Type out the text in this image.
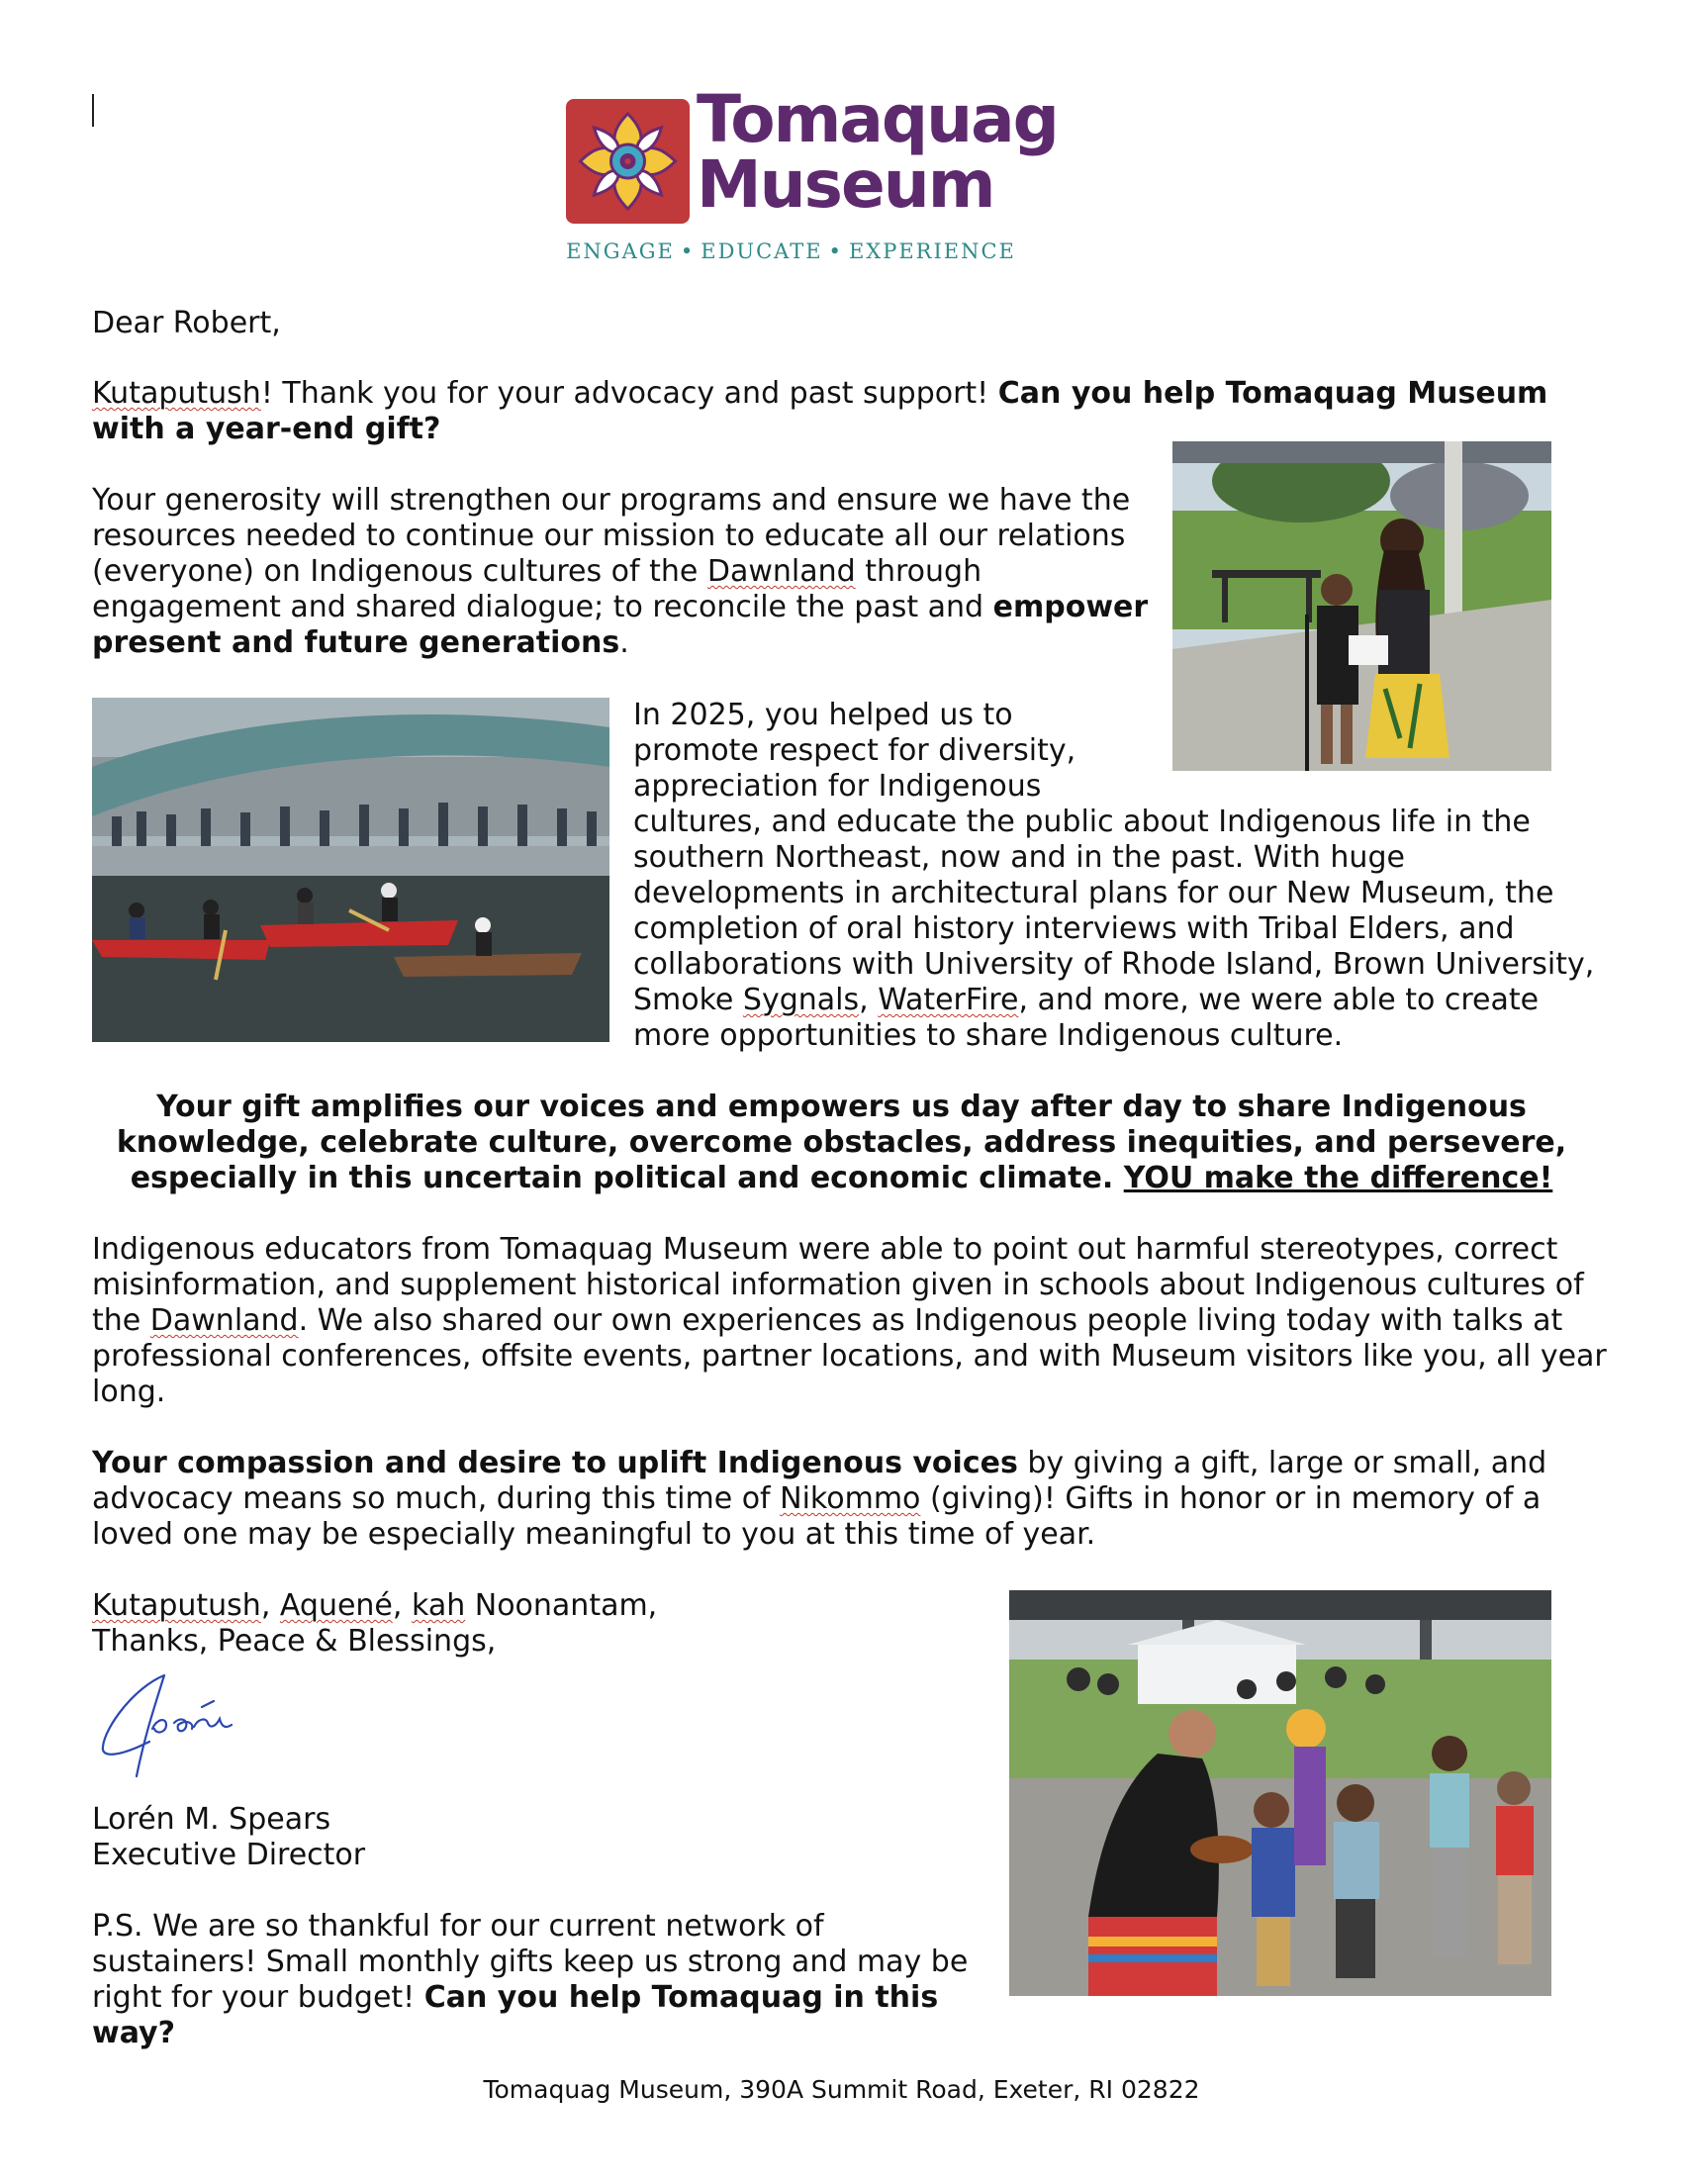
Tomaquag
Museum
ENGAGE • EDUCATE • EXPERIENCE
Dear Robert,
Kutaputush! Thank you for your advocacy and past support! Can you help Tomaquag Museum
with a year-end gift?
Your generosity will strengthen our programs and ensure we have the
resources needed to continue our mission to educate all our relations
(everyone) on Indigenous cultures of the Dawnland through
engagement and shared dialogue; to reconcile the past and empower
present and future generations.
In 2025, you helped us to
promote respect for diversity,
appreciation for Indigenous
cultures, and educate the public about Indigenous life in the
southern Northeast, now and in the past. With huge
developments in architectural plans for our New Museum, the
completion of oral history interviews with Tribal Elders, and
collaborations with University of Rhode Island, Brown University,
Smoke Sygnals, WaterFire, and more, we were able to create
more opportunities to share Indigenous culture.
Your gift amplifies our voices and empowers us day after day to share Indigenous
knowledge, celebrate culture, overcome obstacles, address inequities, and persevere,
especially in this uncertain political and economic climate. YOU make the difference!
Indigenous educators from Tomaquag Museum were able to point out harmful stereotypes, correct
misinformation, and supplement historical information given in schools about Indigenous cultures of
the Dawnland. We also shared our own experiences as Indigenous people living today with talks at
professional conferences, offsite events, partner locations, and with Museum visitors like you, all year
long.
Your compassion and desire to uplift Indigenous voices by giving a gift, large or small, and
advocacy means so much, during this time of Nikommo (giving)! Gifts in honor or in memory of a
loved one may be especially meaningful to you at this time of year.
Kutaputush, Aquené, kah Noonantam,
Thanks, Peace & Blessings,
Lorén M. Spears
Executive Director
P.S. We are so thankful for our current network of
sustainers! Small monthly gifts keep us strong and may be
right for your budget! Can you help Tomaquag in this
way?
Tomaquag Museum, 390A Summit Road, Exeter, RI 02822
